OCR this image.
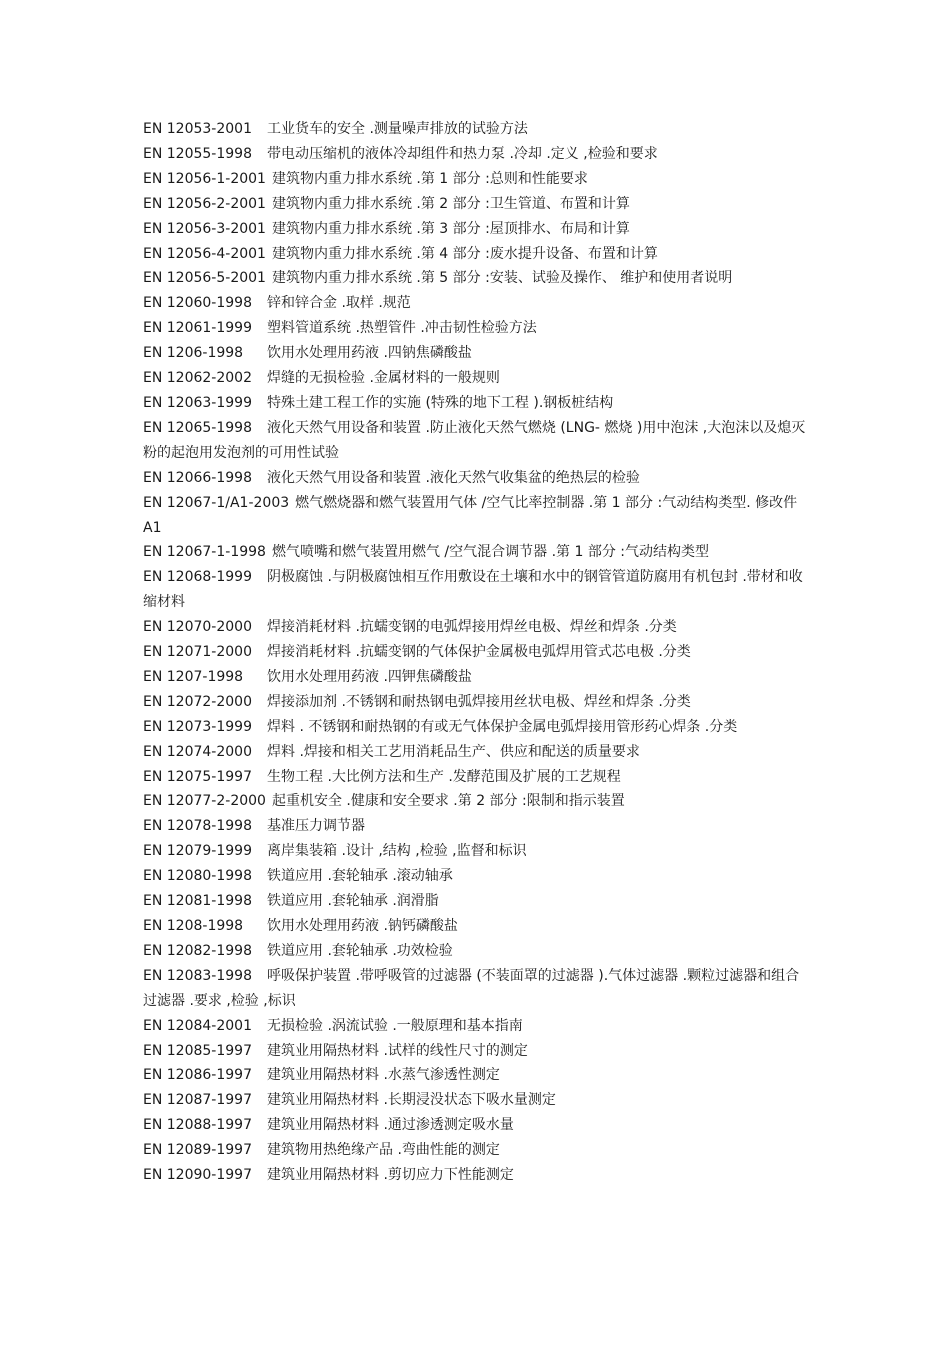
EN 12053-2001 工业货车的安全 .测量噪声排放的试验方法

EN 12055-1998 带电动压缩机的液体冷却组件和热力泵 .冷却 .定义 ,检验和要求

EN 12056-1-2001 建筑物内重力排水系统 .第 1 部分 :总则和性能要求

EN 12056-2-2001 建筑物内重力排水系统 .第 2 部分 :卫生管道、布置和计算

EN 12056-3-2001 建筑物内重力排水系统 .第 3 部分 :屋顶排水、布局和计算

EN 12056-4-2001 建筑物内重力排水系统 .第 4 部分 :废水提升设备、布置和计算

EN 12056-5-2001 建筑物内重力排水系统 .第 5 部分 :安装、试验及操作、 维护和使用者说明

EN 12060-1998 锌和锌合金 .取样 .规范

EN 12061-1999 塑料管道系统 .热塑管件 .冲击韧性检验方法

EN 1206-1998 饮用水处理用药液 .四钠焦磷酸盐

EN 12062-2002 焊缝的无损检验 .金属材料的一般规则

EN 12063-1999 特殊土建工程工作的实施 (特殊的地下工程 ).钢板桩结构

EN 12065-1998 液化天然气用设备和装置 .防止液化天然气燃烧 (LNG- 燃烧 )用中泡沫 ,大泡沫以及熄灭粉的起泡用发泡剂的可用性试验

EN 12066-1998 液化天然气用设备和装置 .液化天然气收集盆的绝热层的检验

EN 12067-1/A1-2003 燃气燃烧器和燃气装置用气体 /空气比率控制器 .第 1 部分 :气动结构类型. 修改件 A1

EN 12067-1-1998 燃气喷嘴和燃气装置用燃气 /空气混合调节器 .第 1 部分 :气动结构类型

EN 12068-1999 阴极腐蚀 .与阴极腐蚀相互作用敷设在土壤和水中的钢管管道防腐用有机包封 .带材和收缩材料

EN 12070-2000 焊接消耗材料 .抗蠕变钢的电弧焊接用焊丝电极、焊丝和焊条 .分类

EN 12071-2000 焊接消耗材料 .抗蠕变钢的气体保护金属极电弧焊用管式芯电极 .分类

EN 1207-1998 饮用水处理用药液 .四钾焦磷酸盐

EN 12072-2000 焊接添加剂 .不锈钢和耐热钢电弧焊接用丝状电极、焊丝和焊条 .分类

EN 12073-1999 焊料 . 不锈钢和耐热钢的有或无气体保护金属电弧焊接用管形药心焊条 .分类

EN 12074-2000 焊料 .焊接和相关工艺用消耗品生产、供应和配送的质量要求

EN 12075-1997 生物工程 .大比例方法和生产 .发酵范围及扩展的工艺规程

EN 12077-2-2000 起重机安全 .健康和安全要求 .第 2 部分 :限制和指示装置

EN 12078-1998 基准压力调节器

EN 12079-1999 离岸集装箱 .设计 ,结构 ,检验 ,监督和标识

EN 12080-1998 铁道应用 .套轮轴承 .滚动轴承

EN 12081-1998 铁道应用 .套轮轴承 .润滑脂

EN 1208-1998 饮用水处理用药液 .钠钙磷酸盐

EN 12082-1998 铁道应用 .套轮轴承 .功效检验

EN 12083-1998 呼吸保护装置 .带呼吸管的过滤器 (不装面罩的过滤器 ).气体过滤器 .颗粒过滤器和组合过滤器 .要求 ,检验 ,标识

EN 12084-2001 无损检验 .涡流试验 .一般原理和基本指南

EN 12085-1997 建筑业用隔热材料 .试样的线性尺寸的测定

EN 12086-1997 建筑业用隔热材料 .水蒸气渗透性测定

EN 12087-1997 建筑业用隔热材料 .长期浸没状态下吸水量测定

EN 12088-1997 建筑业用隔热材料 .通过渗透测定吸水量

EN 12089-1997 建筑物用热绝缘产品 .弯曲性能的测定

EN 12090-1997 建筑业用隔热材料 .剪切应力下性能测定
